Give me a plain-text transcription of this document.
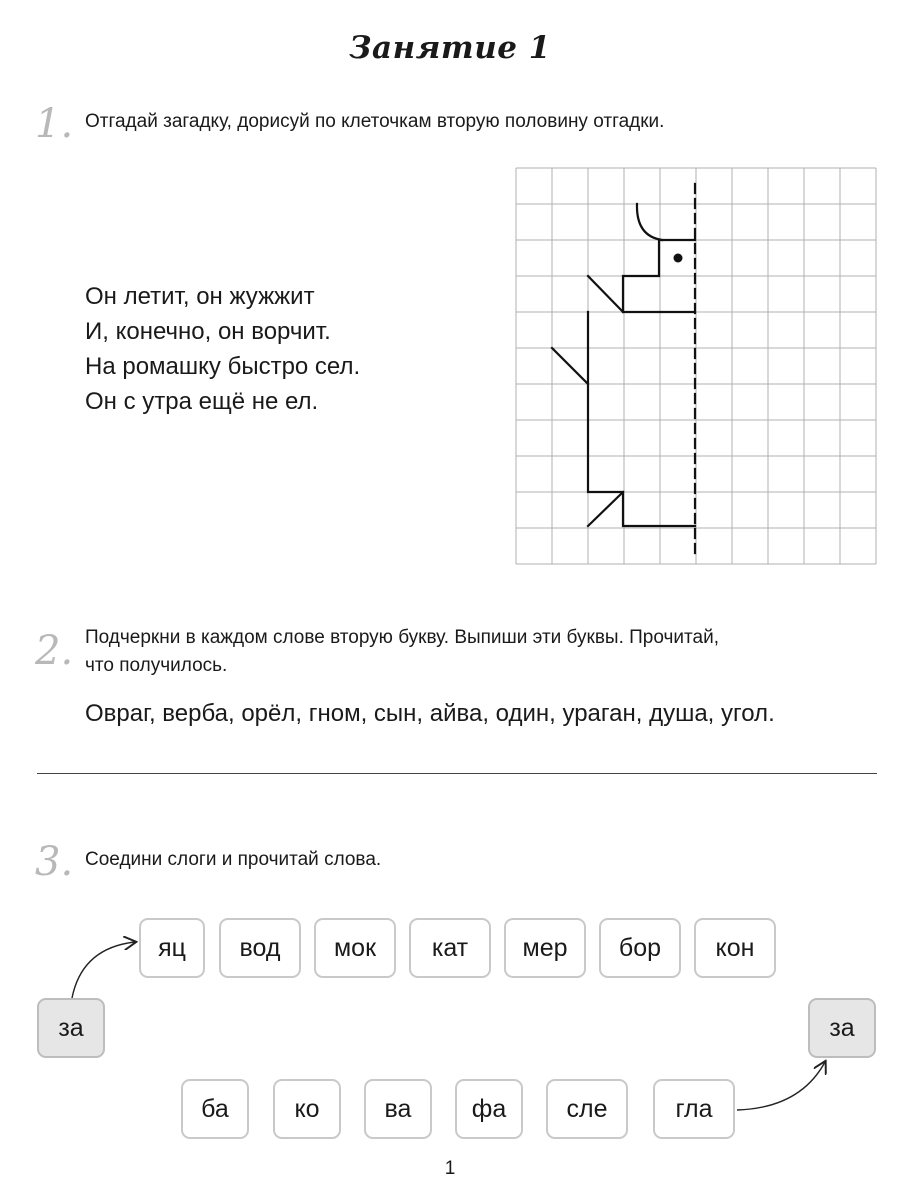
Занятие 1
1. Отгадай загадку, дорисуй по клеточкам вторую половину отгадки.
Он летит, он жужжит
И, конечно, он ворчит.
На ромашку быстро сел.
Он с утра ещё не ел.
2. Подчеркни в каждом слове вторую букву. Выпиши эти буквы. Прочитай,
что получилось.
Овраг, верба, орёл, гном, сын, айва, один, ураган, душа, угол.
3. Соедини слоги и прочитай слова.
яц	вод	мок	кат	мер	бор	кон
за	за
ба	ко	ва	фа	сле	гла
1
